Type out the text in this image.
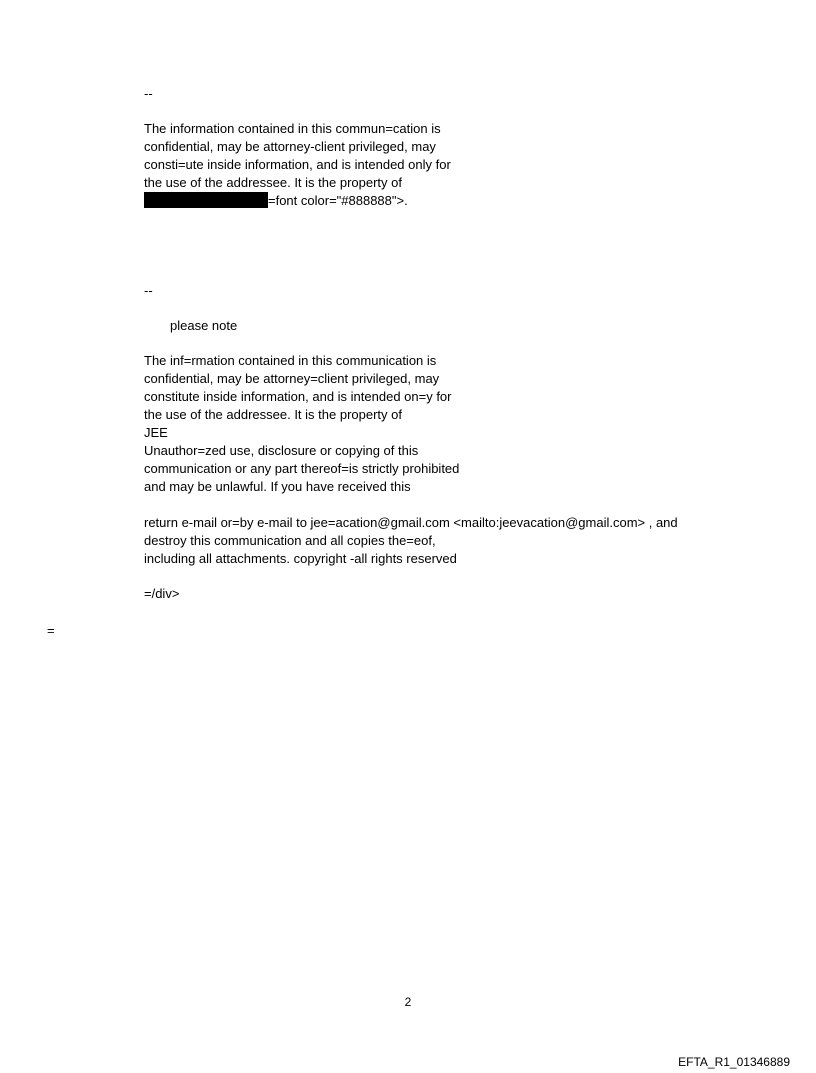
--

The information contained in this commun=cation is

confidential, may be attorney-client privileged, may

consti=ute inside information, and is intended only for

the use of the addressee. It is the property of

=font color="#888888">.

--

please note

The inf=rmation contained in this communication is

confidential, may be attorney=client privileged, may

constitute inside information, and is intended on=y for

the use of the addressee. It is the property of

JEE

Unauthor=zed use, disclosure or copying of this

communication or any part thereof=is strictly prohibited

and may be unlawful. If you have received this

return e-mail or=by e-mail to jee=acation@gmail.com <mailto:jeevacation@gmail.com> , and

destroy this communication and all copies the=eof,

including all attachments. copyright -all rights reserved

=/div>

=

2
EFTA_R1_01346889
